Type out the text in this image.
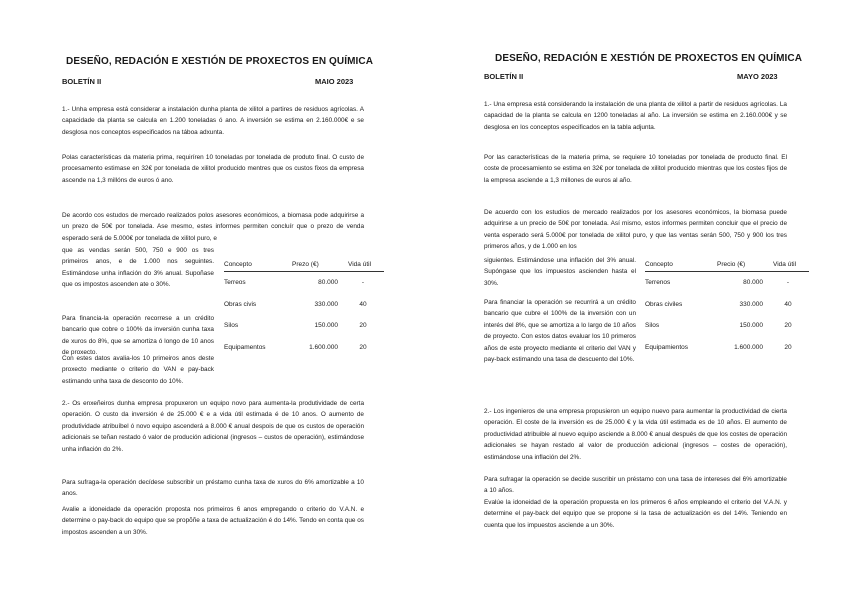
DESEÑO, REDACIÓN E XESTIÓN DE PROXECTOS EN QUÍMICA
BOLETÍN II	MAIO 2023

1.- Unha empresa está considerar a instalación dunha planta de xilitol a partires de residuos agrícolas. A capacidade da planta se calcula en 1.200 toneladas ó ano. A inversión se estima en 2.160.000€ e se desglosa nos conceptos especificados na táboa adxunta.

Polas características da materia prima, requiríren 10 toneladas por tonelada de produto final. O custo de procesamento estimase en 32€ por tonelada de xilitol producido mentres que os custos fixos da empresa ascende na 1,3 millóns de euros ó ano.

De acordo cos estudos de mercado realizados polos asesores económicos, a biomasa pode adquirirse a un prezo de 50€ por tonelada. Ase mesmo, estes informes permiten concluír que o prezo de venda esperado será de 5.000€ por tonelada de xilitol puro, e

que as vendas serán 500, 750 e 900 os tres primeiros anos, e de 1.000 nos seguintes. Estimándose unha inflación do 3% anual. Supoñase que os impostos ascenden ate o 30%.

Para financia-la operación recorrese a un crédito bancario que cobre o 100% da inversión cunha taxa de xuros do 8%, que se amortiza ó longo de 10 anos de proxecto.

Con estes datos avalia-los 10 primeiros anos deste proxecto mediante o criterio do VAN e pay-back estimando unha taxa de desconto do 10%.

Concepto	Prezo (€)	Vida útil
Terreos	80.000	-
Obras civis	330.000	40
Silos	150.000	20
Equipamentos	1.600.000	20

2.- Os enxeñeiros dunha empresa propuxeron un equipo novo para aumenta-la produtividade de certa operación. O custo da inversión é de 25.000 € e a vida útil estimada é de 10 anos. O aumento de produtividade atribuíbel ó novo equipo ascenderá a 8.000 € anual despois de que os custos de operación adicionais se teñan restado ó valor de produción adicional (ingresos – custos de operación), estimándose unha inflación do 2%.

Para sufraga-la operación decídese subscribir un préstamo cunha taxa de xuros do 6% amortizable a 10 anos.

Avalie a idoneidade da operación proposta nos primeiros 6 anos empregando o criterio do V.A.N. e determine o pay-back do equipo que se propõñe a taxa de actualización é do 14%. Tendo en conta que os impostos ascenden a un 30%.

DESEÑO, REDACIÓN E XESTIÓN DE PROXECTOS EN QUÍMICA
BOLETÍN II	MAYO 2023

1.- Una empresa está considerando la instalación de una planta de xilitol a partir de residuos agrícolas. La capacidad de la planta se calcula en 1200 toneladas al año. La inversión se estima en 2.160.000€ y se desglosa en los conceptos especificados en la tabla adjunta.

Por las características de la materia prima, se requiere 10 toneladas por tonelada de producto final. El coste de procesamiento se estima en 32€ por tonelada de xilitol producido mientras que los costes fijos de la empresa asciende a 1,3 millones de euros al año.

De acuerdo con los estudios de mercado realizados por los asesores económicos, la biomasa puede adquirirse a un precio de 50€ por tonelada. Así mismo, estos informes permiten concluir que el precio de venta esperado será 5.000€ por tonelada de xilitol puro, y que las ventas serán 500, 750 y 900 los tres primeros años, y de 1.000 en los

siguientes. Estimándose una inflación del 3% anual. Supóngase que los impuestos ascienden hasta el 30%.

Para financiar la operación se recurrirá a un crédito bancario que cubre el 100% de la inversión con un interés del 8%, que se amortiza a lo largo de 10 años de proyecto. Con estos datos evaluar los 10 primeros años de este proyecto mediante el criterio del VAN y pay-back estimando una tasa de descuento del 10%.

Concepto	Precio (€)	Vida útil
Terrenos	80.000	-
Obras civiles	330.000	40
Silos	150.000	20
Equipamientos	1.600.000	20

2.- Los ingenieros de una empresa propusieron un equipo nuevo para aumentar la productividad de cierta operación. El coste de la inversión es de 25.000 € y la vida útil estimada es de 10 años. El aumento de productividad atribuible al nuevo equipo asciende a 8.000 € anual después de que los costes de operación adicionales se hayan restado al valor de producción adicional (ingresos – costes de operación), estimándose una inflación del 2%.

Para sufragar la operación se decide suscribir un préstamo con una tasa de intereses del 6% amortizable a 10 años.

Evalúe la idoneidad de la operación propuesta en los primeros 6 años empleando el criterio del V.A.N. y determine el pay-back del equipo que se propone si la tasa de actualización es del 14%. Teniendo en cuenta que los impuestos asciende a un 30%.
